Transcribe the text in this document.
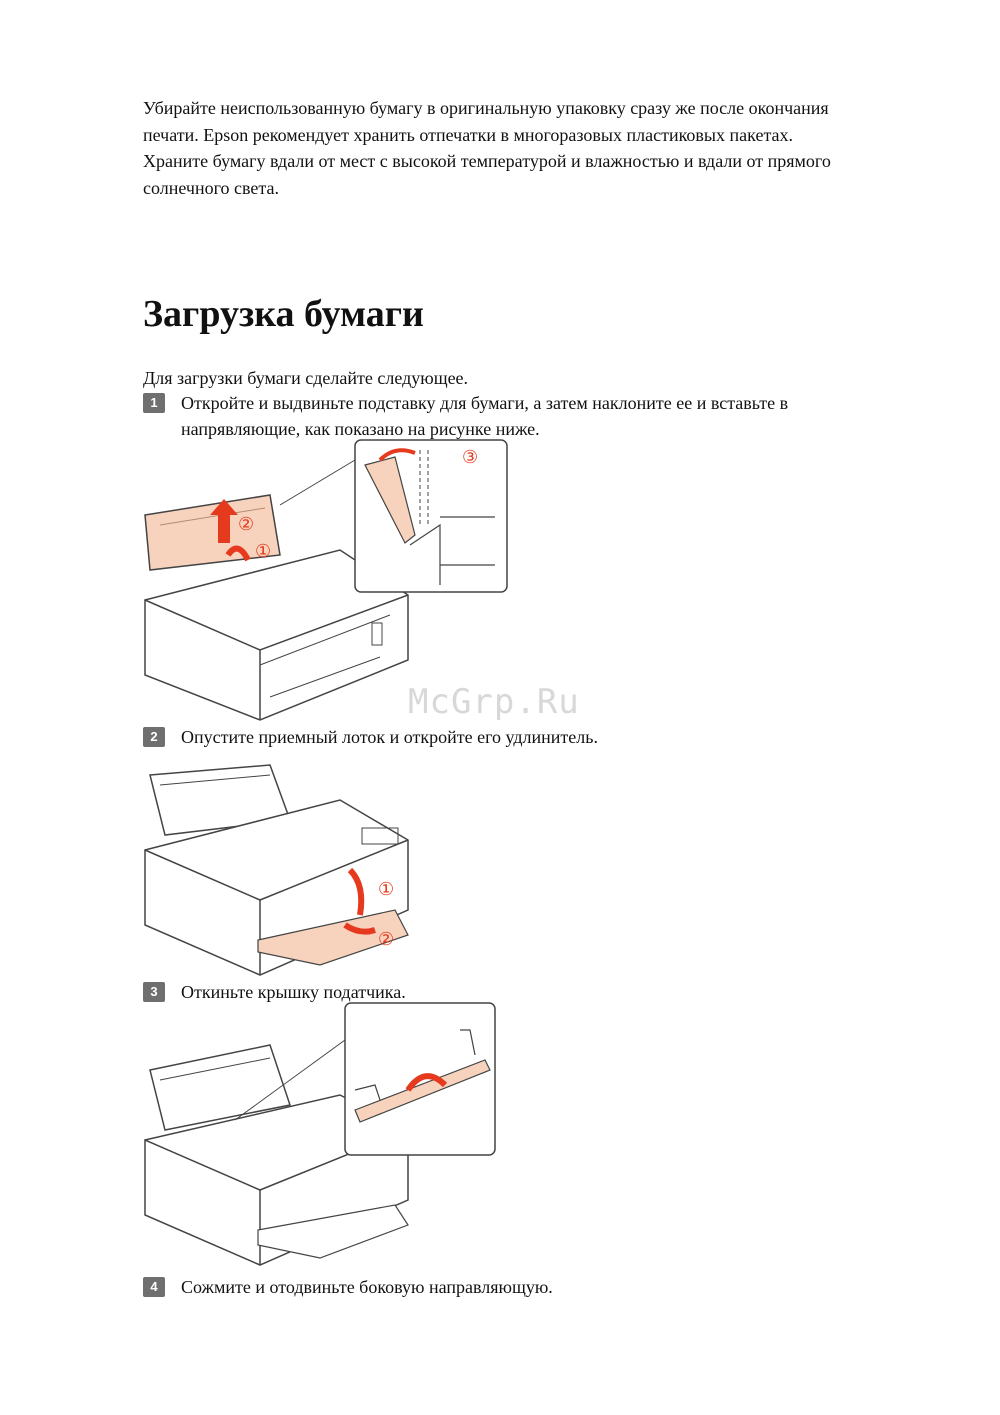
Убирайте неиспользованную бумагу в оригинальную упаковку сразу же после окончания

печати. Epson рекомендует хранить отпечатки в многоразовых пластиковых пакетах.

Храните бумагу вдали от мест с высокой температурой и влажностью и вдали от прямого

солнечного света.

Загрузка бумаги
Для загрузки бумаги сделайте следующее.
1	Откройте и выдвиньте подставку для бумаги, а затем наклоните ее и вставьте в напрявляющие, как показано на рисунке ниже.
②
①
③
McGrp.Ru
2	Опустите приемный лоток и откройте его удлинитель.
①
②
3	Откиньте крышку податчика.
4	Сожмите и отодвиньте боковую направляющую.
